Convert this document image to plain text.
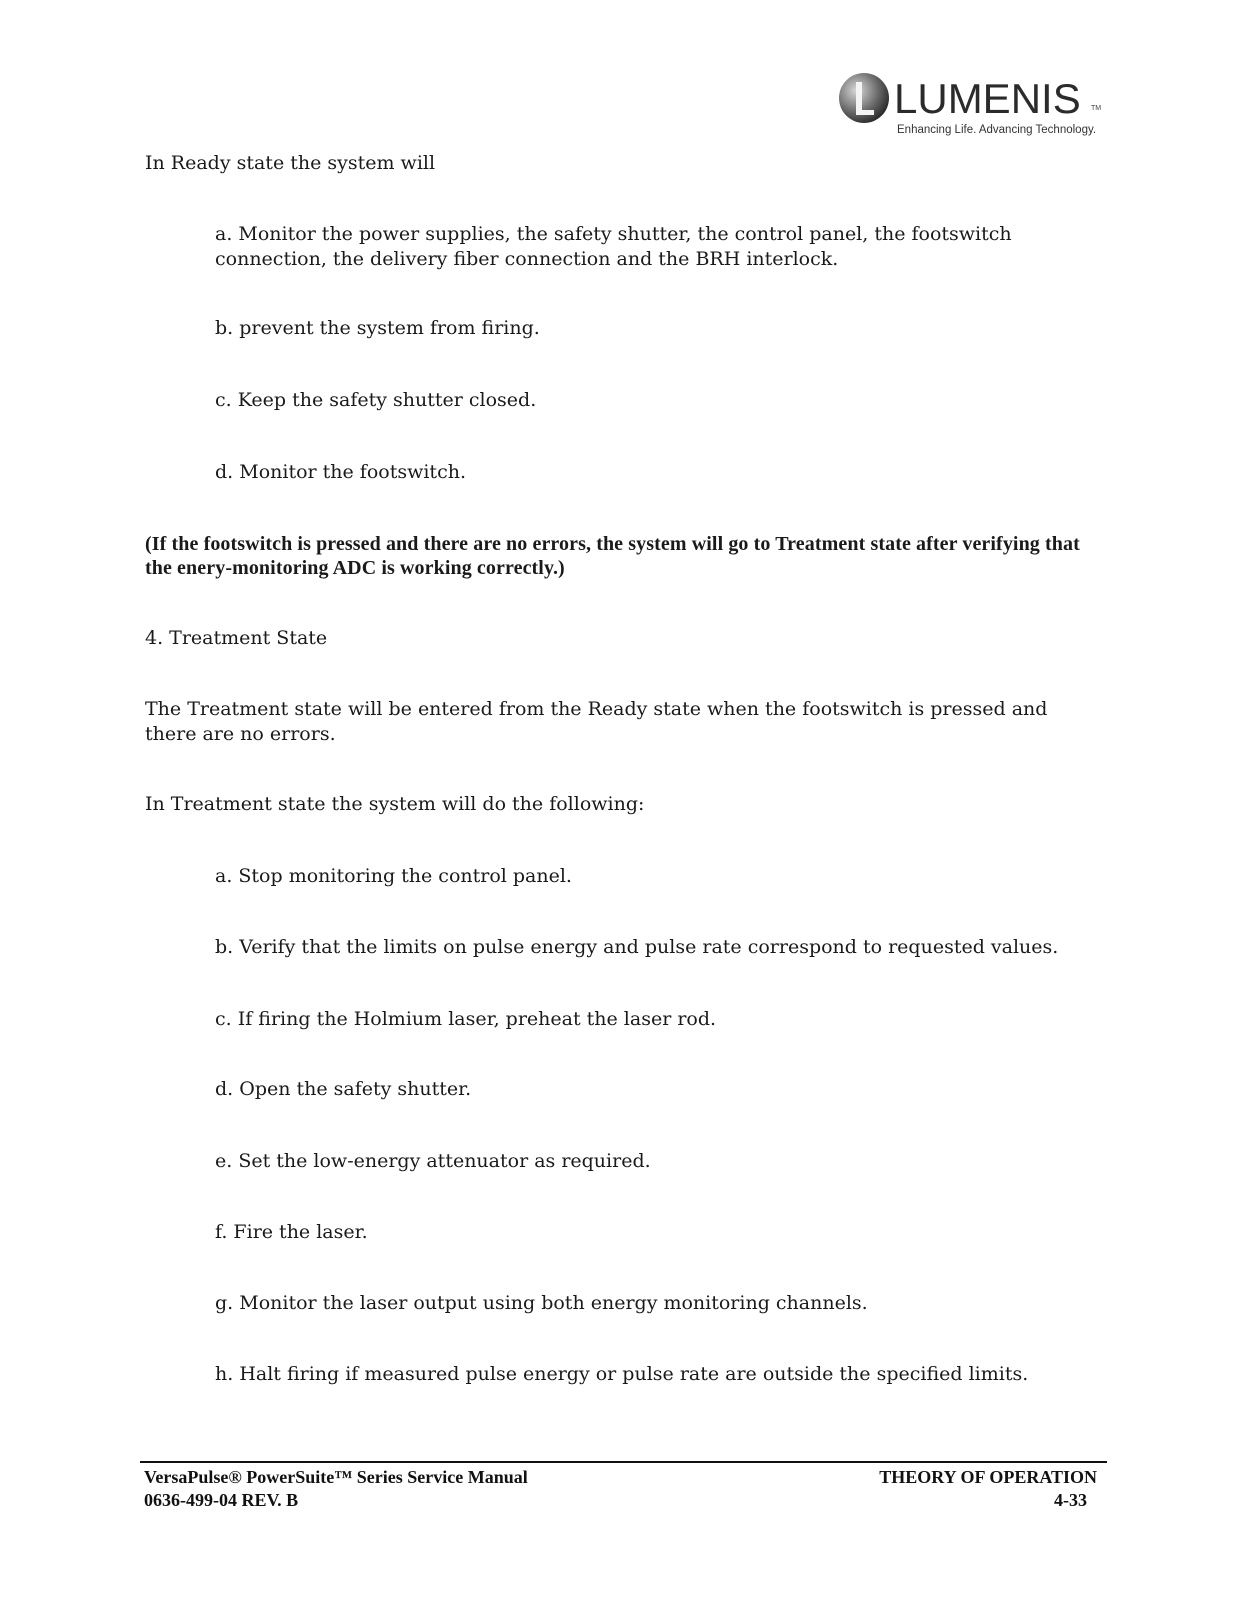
LUMENIS TM
Enhancing Life. Advancing Technology.

In Ready state the system will

a. Monitor the power supplies, the safety shutter, the control panel, the footswitch connection, the delivery fiber connection and the BRH interlock.

b. prevent the system from firing.

c. Keep the safety shutter closed.

d. Monitor the footswitch.

(If the footswitch is pressed and there are no errors, the system will go to Treatment state after verifying that the enery-monitoring ADC is working correctly.)

4. Treatment State

The Treatment state will be entered from the Ready state when the footswitch is pressed and there are no errors.

In Treatment state the system will do the following:

a. Stop monitoring the control panel.

b. Verify that the limits on pulse energy and pulse rate correspond to requested values.

c. If firing the Holmium laser, preheat the laser rod.

d. Open the safety shutter.

e. Set the low-energy attenuator as required.

f. Fire the laser.

g. Monitor the laser output using both energy monitoring channels.

h. Halt firing if measured pulse energy or pulse rate are outside the specified limits.

VersaPulse® PowerSuite™ Series Service Manual
0636-499-04 REV. B
THEORY OF OPERATION
4-33
